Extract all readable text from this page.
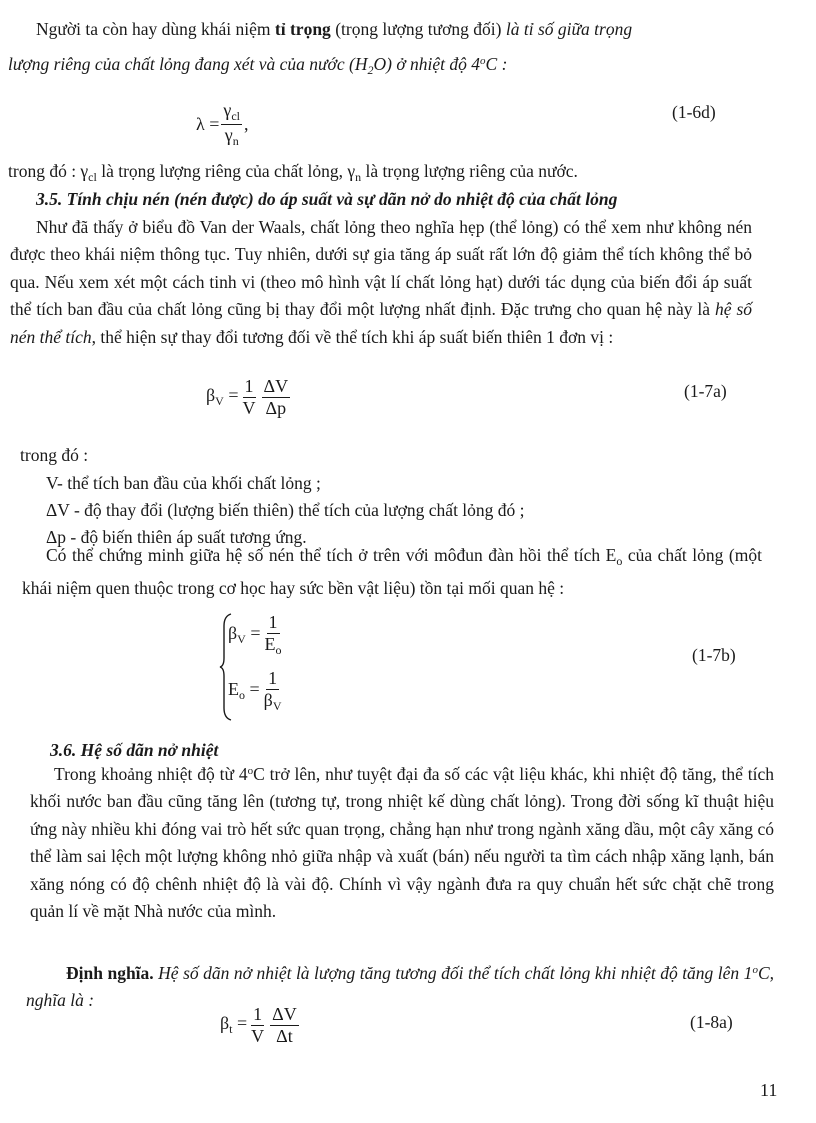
Người ta còn hay dùng khái niệm tỉ trọng (trọng lượng tương đối) là tỉ số giữa trọng
lượng riêng của chất lỏng đang xét và của nước $(H_2O)$ ở nhiệt độ 4$^o$C :
$\lambda = \frac{\gamma_{cl}}{\gamma_n}$ ,
(1-6d)
trong đó : $\gamma_{cl}$ là trọng lượng riêng của chất lỏng, $\gamma_n$ là trọng lượng riêng của nước.
3.5. Tính chịu nén (nén được) do áp suất và sự dãn nở do nhiệt độ của chất lỏng
Như đã thấy ở biểu đồ Van der Waals, chất lỏng theo nghĩa hẹp (thể lỏng) có thể xem như không nén được theo khái niệm thông tục. Tuy nhiên, dưới sự gia tăng áp suất rất lớn độ giảm thể tích không thể bỏ qua. Nếu xem xét một cách tinh vi (theo mô hình vật lí chất lỏng hạt) dưới tác dụng của biến đổi áp suất thể tích ban đầu của chất lỏng cũng bị thay đổi một lượng nhất định. Đặc trưng cho quan hệ này là hệ số nén thể tích, thể hiện sự thay đổi tương đối về thể tích khi áp suất biến thiên 1 đơn vị :
$\beta_V = \frac{1}{V} \frac{\Delta V}{\Delta p}$	(1-7a)
trong đó :
V- thể tích ban đầu của khối chất lỏng ;
ΔV - độ thay đổi (lượng biến thiên) thể tích của lượng chất lỏng đó ;
Δp - độ biến thiên áp suất tương ứng.
Có thể chứng minh giữa hệ số nén thể tích ở trên với môđun đàn hồi thể tích $E_o$ của chất lỏng (một khái niệm quen thuộc trong cơ học hay sức bền vật liệu) tồn tại mối quan hệ :
$\beta_V = \frac{1}{E_o}$
$E_o = \frac{1}{\beta_V}$
(1-7b)
3.6. Hệ số dãn nở nhiệt
Trong khoảng nhiệt độ từ 4$^o$C trở lên, như tuyệt đại đa số các vật liệu khác, khi nhiệt độ tăng, thể tích khối nước ban đầu cũng tăng lên (tương tự, trong nhiệt kế dùng chất lỏng). Trong đời sống kĩ thuật hiệu ứng này nhiều khi đóng vai trò hết sức quan trọng, chẳng hạn như trong ngành xăng dầu, một cây xăng có thể làm sai lệch một lượng không nhỏ giữa nhập và xuất (bán) nếu người ta tìm cách nhập xăng lạnh, bán xăng nóng có độ chênh nhiệt độ là vài độ. Chính vì vậy ngành đưa ra quy chuẩn hết sức chặt chẽ trong quản lí về mặt Nhà nước của mình.
Định nghĩa. Hệ số dãn nở nhiệt là lượng tăng tương đối thể tích chất lỏng khi nhiệt độ tăng lên 1$^o$C, nghĩa là :
$\beta_t = \frac{1}{V} \frac{\Delta V}{\Delta t}$	(1-8a)
11
